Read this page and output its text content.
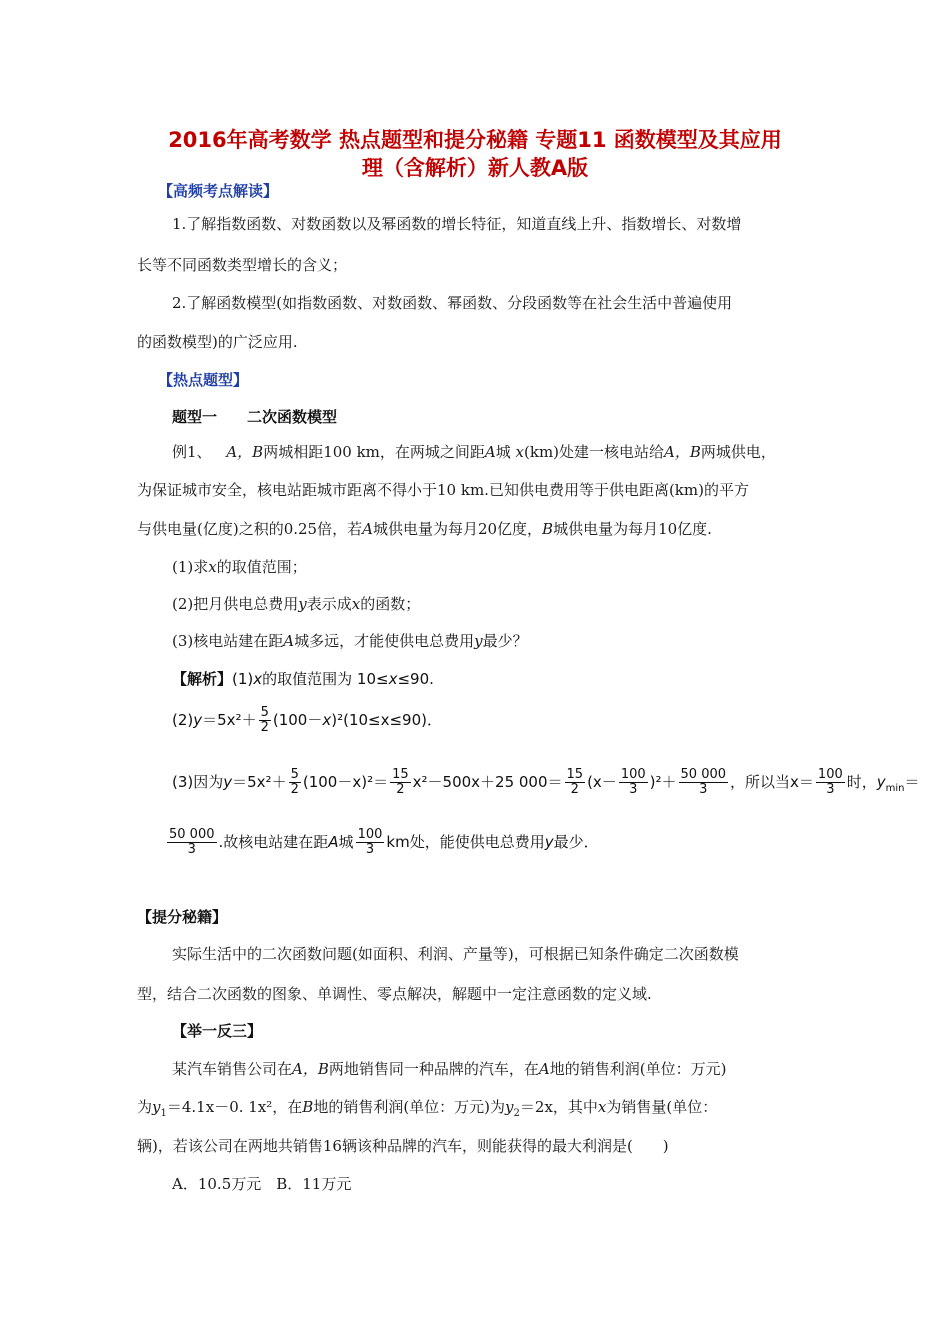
2016年高考数学 热点题型和提分秘籍 专题11 函数模型及其应用
理（含解析）新人教A版
【高频考点解读】
1.了解指数函数、对数函数以及幂函数的增长特征，知道直线上升、指数增长、对数增
长等不同函数类型增长的含义；
2.了解函数模型(如指数函数、对数函数、幂函数、分段函数等在社会生活中普遍使用
的函数模型)的广泛应用.
【热点题型】
题型一　　二次函数模型
例1、 A，B两城相距100 km，在两城之间距A城 x(km)处建一核电站给A，B两城供电，
为保证城市安全，核电站距城市距离不得小于10 km.已知供电费用等于供电距离(km)的平方
与供电量(亿度)之积的0.25倍，若A城供电量为每月20亿度，B城供电量为每月10亿度.
(1)求x的取值范围；
(2)把月供电总费用y表示成x的函数；
(3)核电站建在距A城多远，才能使供电总费用y最少？
【解析】(1)x的取值范围为 10≤x≤90.
$(2)y=5x^2+ \frac{5}{2} (100-x)^2(10\le x\le 90)$．
(3)因为$y=5x^2+ \frac{5}{2} (100-x)^2= \frac{15}{2} x^2-500x+25$ $000= \frac{15}{2} (x- \frac{100}{3} )^2+ \frac{50 000}{3}$ ，所以当$x= \frac{100}{3}$ 时，$y_{min}=$
$\frac{50 000}{3}$ .故核电站建在距A城 $\frac{100}{3}$ km处，能使供电总费用y最少．
【提分秘籍】
实际生活中的二次函数问题(如面积、利润、产量等)，可根据已知条件确定二次函数模
型，结合二次函数的图象、单调性、零点解决，解题中一定注意函数的定义域.
【举一反三】
某汽车销售公司在A，B两地销售同一种品牌的汽车，在A地的销售利润(单位：万元)
为$y_1=4.1x-0$. 1x²，在B地的销售利润(单位：万元)为$y_2=2x$，其中x为销售量(单位：
辆)，若该公司在两地共销售16辆该种品牌的汽车，则能获得的最大利润是(　　)
A．10.5万元　B．11万元
